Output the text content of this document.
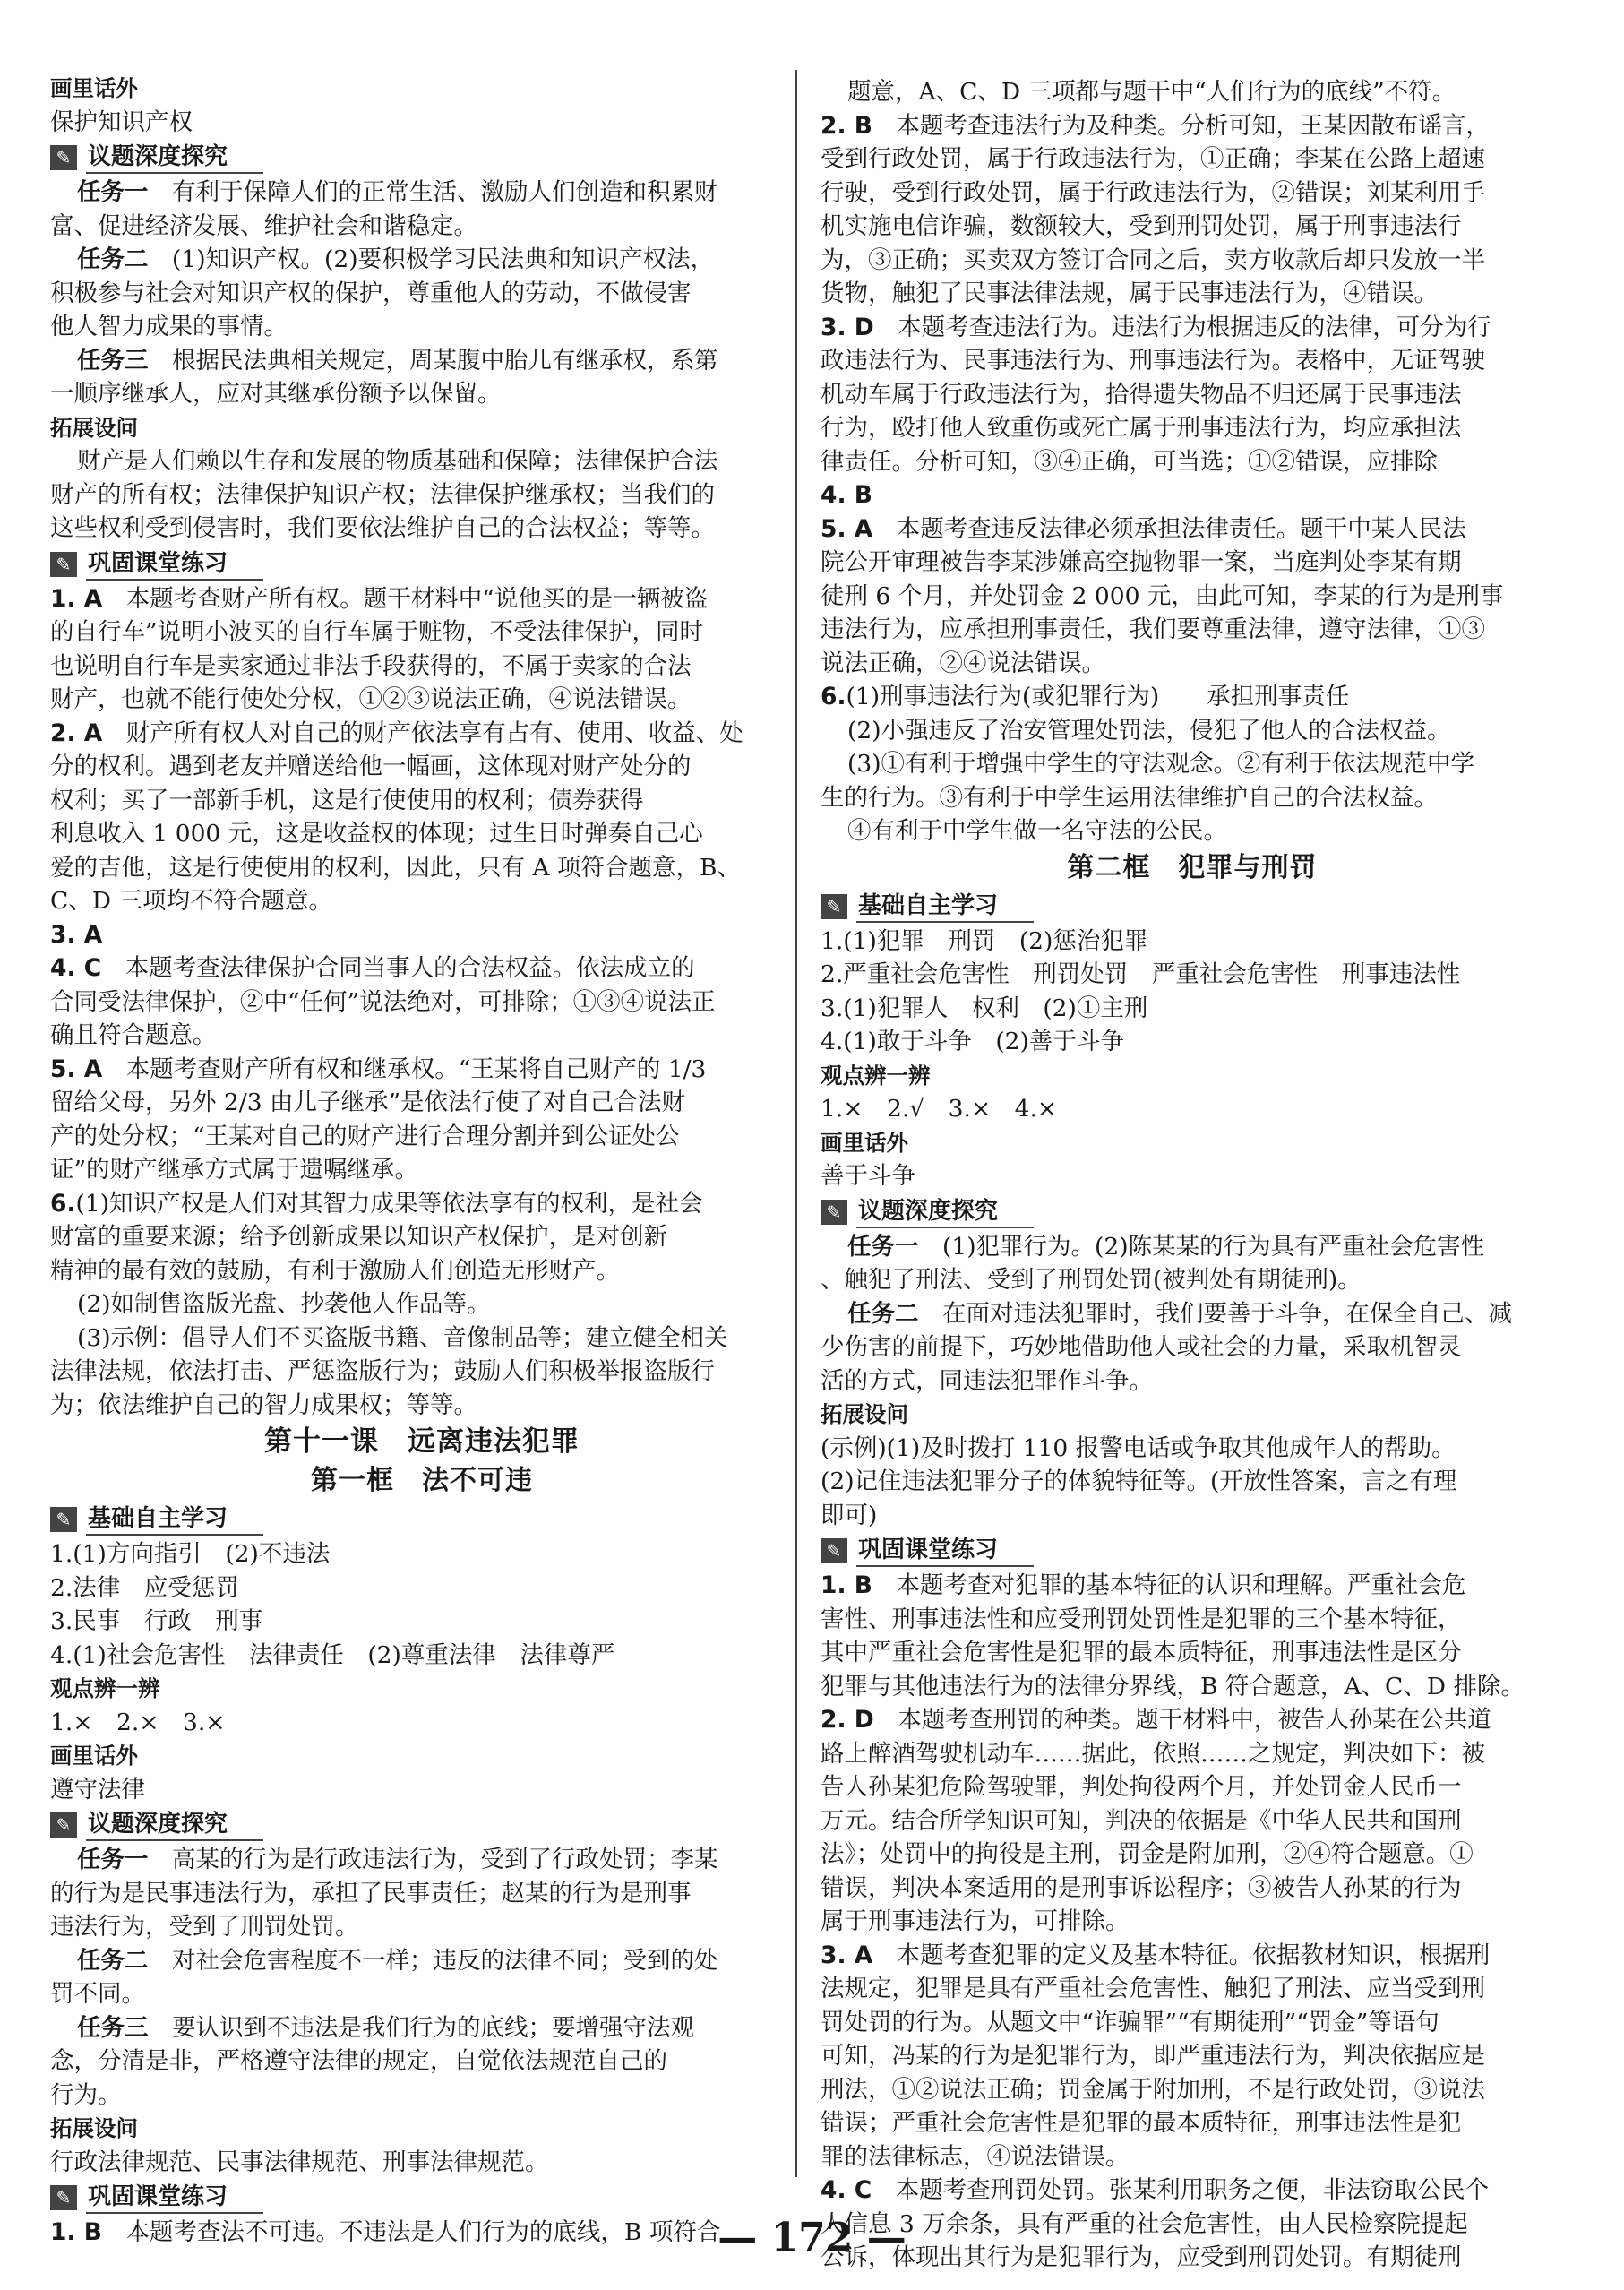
画里话外
保护知识产权
✎ 议题深度探究
任务一　 有利于保障人们的正常生活、激励人们创造和积累财
富、促进经济发展、维护社会和谐稳定。
任务二　 (1)知识产权。(2)要积极学习民法典和知识产权法，
积极参与社会对知识产权的保护，尊重他人的劳动，不做侵害
他人智力成果的事情。
任务三　 根据民法典相关规定，周某腹中胎儿有继承权，系第
一顺序继承人，应对其继承份额予以保留。
拓展设问
财产是人们赖以生存和发展的物质基础和保障；法律保护合法
财产的所有权；法律保护知识产权；法律保护继承权；当我们的
这些权利受到侵害时，我们要依法维护自己的合法权益；等等。
✎ 巩固课堂练习
1. A　 本题考查财产所有权。题干材料中“说他买的是一辆被盗
的自行车”说明小波买的自行车属于赃物，不受法律保护，同时
也说明自行车是卖家通过非法手段获得的，不属于卖家的合法
财产，也就不能行使处分权，①②③说法正确，④说法错误。
2. A　 财产所有权人对自己的财产依法享有占有、使用、收益、处
分的权利。遇到老友并赠送给他一幅画，这体现对财产处分的
权利；买了一部新手机，这是行使使用的权利；债券获得
利息收入 1 000 元，这是收益权的体现；过生日时弹奏自己心
爱的吉他，这是行使使用的权利，因此，只有 A 项符合题意，B、
C、D 三项均不符合题意。
3. A
4. C　 本题考查法律保护合同当事人的合法权益。依法成立的
合同受法律保护，②中“任何”说法绝对，可排除；①③④说法正
确且符合题意。
5. A　 本题考查财产所有权和继承权。“王某将自己财产的 1/3
留给父母，另外 2/3 由儿子继承”是依法行使了对自己合法财
产的处分权；“王某对自己的财产进行合理分割并到公证处公
证”的财产继承方式属于遗嘱继承。
6.(1)知识产权是人们对其智力成果等依法享有的权利，是社会
财富的重要来源；给予创新成果以知识产权保护，是对创新
精神的最有效的鼓励，有利于激励人们创造无形财产。
(2)如制售盗版光盘、抄袭他人作品等。
(3)示例：倡导人们不买盗版书籍、音像制品等；建立健全相关
法律法规，依法打击、严惩盗版行为；鼓励人们积极举报盗版行
为；依法维护自己的智力成果权；等等。
第十一课　远离违法犯罪
第一框　法不可违
✎ 基础自主学习
1.(1)方向指引　(2)不违法
2.法律　应受惩罚
3.民事　行政　刑事
4.(1)社会危害性　法律责任　(2)尊重法律　法律尊严
观点辨一辨
1.×　2.×　3.×
画里话外
遵守法律
✎ 议题深度探究
任务一　 高某的行为是行政违法行为，受到了行政处罚；李某
的行为是民事违法行为，承担了民事责任；赵某的行为是刑事
违法行为，受到了刑罚处罚。
任务二　 对社会危害程度不一样；违反的法律不同；受到的处
罚不同。
任务三　 要认识到不违法是我们行为的底线；要增强守法观
念，分清是非，严格遵守法律的规定，自觉依法规范自己的
行为。
拓展设问
行政法律规范、民事法律规范、刑事法律规范。
✎ 巩固课堂练习
1. B　 本题考查法不可违。不违法是人们行为的底线，B 项符合
题意，A、C、D 三项都与题干中“人们行为的底线”不符。
2. B　 本题考查违法行为及种类。分析可知，王某因散布谣言，
受到行政处罚，属于行政违法行为，①正确；李某在公路上超速
行驶，受到行政处罚，属于行政违法行为，②错误；刘某利用手
机实施电信诈骗，数额较大，受到刑罚处罚，属于刑事违法行
为，③正确；买卖双方签订合同之后，卖方收款后却只发放一半
货物，触犯了民事法律法规，属于民事违法行为，④错误。
3. D　 本题考查违法行为。违法行为根据违反的法律，可分为行
政违法行为、民事违法行为、刑事违法行为。表格中，无证驾驶
机动车属于行政违法行为，拾得遗失物品不归还属于民事违法
行为，殴打他人致重伤或死亡属于刑事违法行为，均应承担法
律责任。分析可知，③④正确，可当选；①②错误，应排除
4. B
5. A　 本题考查违反法律必须承担法律责任。题干中某人民法
院公开审理被告李某涉嫌高空抛物罪一案，当庭判处李某有期
徒刑 6 个月，并处罚金 2 000 元，由此可知，李某的行为是刑事
违法行为，应承担刑事责任，我们要尊重法律，遵守法律，①③
说法正确，②④说法错误。
6.(1)刑事违法行为(或犯罪行为)　　承担刑事责任
(2)小强违反了治安管理处罚法，侵犯了他人的合法权益。
(3)①有利于增强中学生的守法观念。②有利于依法规范中学
生的行为。③有利于中学生运用法律维护自己的合法权益。
④有利于中学生做一名守法的公民。
第二框　犯罪与刑罚
✎ 基础自主学习
1.(1)犯罪　刑罚　(2)惩治犯罪
2.严重社会危害性　刑罚处罚　严重社会危害性　刑事违法性
3.(1)犯罪人　权利　(2)①主刑
4.(1)敢于斗争　(2)善于斗争
观点辨一辨
1.×　2.√　3.×　4.×
画里话外
善于斗争
✎ 议题深度探究
任务一　 (1)犯罪行为。(2)陈某某的行为具有严重社会危害性
、触犯了刑法、受到了刑罚处罚(被判处有期徒刑)。
任务二　 在面对违法犯罪时，我们要善于斗争，在保全自己、减
少伤害的前提下，巧妙地借助他人或社会的力量，采取机智灵
活的方式，同违法犯罪作斗争。
拓展设问
(示例)(1)及时拨打 110 报警电话或争取其他成年人的帮助。
(2)记住违法犯罪分子的体貌特征等。(开放性答案，言之有理
即可)
✎ 巩固课堂练习
1. B　 本题考查对犯罪的基本特征的认识和理解。严重社会危
害性、刑事违法性和应受刑罚处罚性是犯罪的三个基本特征，
其中严重社会危害性是犯罪的最本质特征，刑事违法性是区分
犯罪与其他违法行为的法律分界线，B 符合题意，A、C、D 排除。
2. D　 本题考查刑罚的种类。题干材料中，被告人孙某在公共道
路上醉酒驾驶机动车……据此，依照……之规定，判决如下：被
告人孙某犯危险驾驶罪，判处拘役两个月，并处罚金人民币一
万元。结合所学知识可知，判决的依据是《中华人民共和国刑
法》；处罚中的拘役是主刑，罚金是附加刑，②④符合题意。①
错误，判决本案适用的是刑事诉讼程序；③被告人孙某的行为
属于刑事违法行为，可排除。
3. A　 本题考查犯罪的定义及基本特征。依据教材知识，根据刑
法规定，犯罪是具有严重社会危害性、触犯了刑法、应当受到刑
罚处罚的行为。从题文中“诈骗罪”“有期徒刑”“罚金”等语句
可知，冯某的行为是犯罪行为，即严重违法行为，判决依据应是
刑法，①②说法正确；罚金属于附加刑，不是行政处罚，③说法
错误；严重社会危害性是犯罪的最本质特征，刑事违法性是犯
罪的法律标志，④说法错误。
4. C　 本题考查刑罚处罚。张某利用职务之便，非法窃取公民个
人信息 3 万余条，具有严重的社会危害性，由人民检察院提起
公诉，体现出其行为是犯罪行为，应受到刑罚处罚。有期徒刑
— 172 —
